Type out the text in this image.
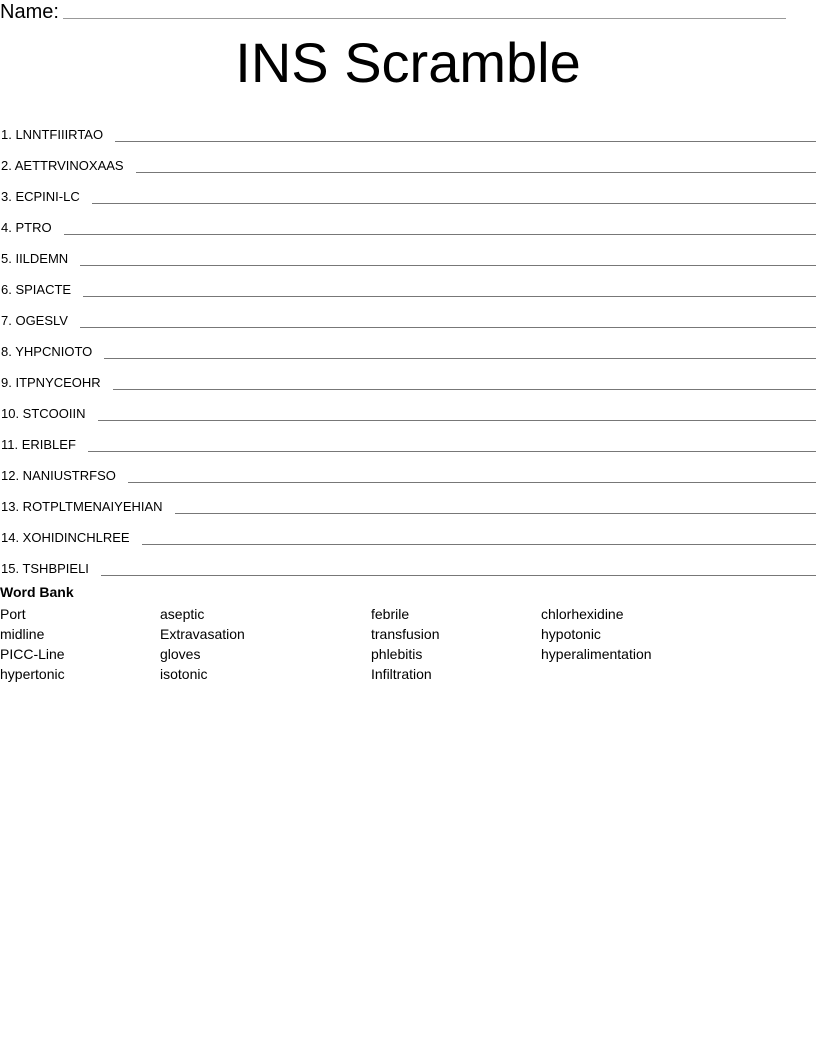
Name:
INS Scramble
1. LNNTFIIIRTAO
2. AETTRVINOXAAS
3. ECPINI-LC
4. PTRO
5. IILDEMN
6. SPIACTE
7. OGESLV
8. YHPCNIOTO
9. ITPNYCEOHR
10. STCOOIIN
11. ERIBLEF
12. NANIUSTRFSO
13. ROTPLTMENAIYEHIAN
14. XOHIDINCHLREE
15. TSHBPIELI
Word Bank
Port
midline
PICC-Line
hypertonic
aseptic
Extravasation
gloves
isotonic
febrile
transfusion
phlebitis
Infiltration
chlorhexidine
hypotonic
hyperalimentation
